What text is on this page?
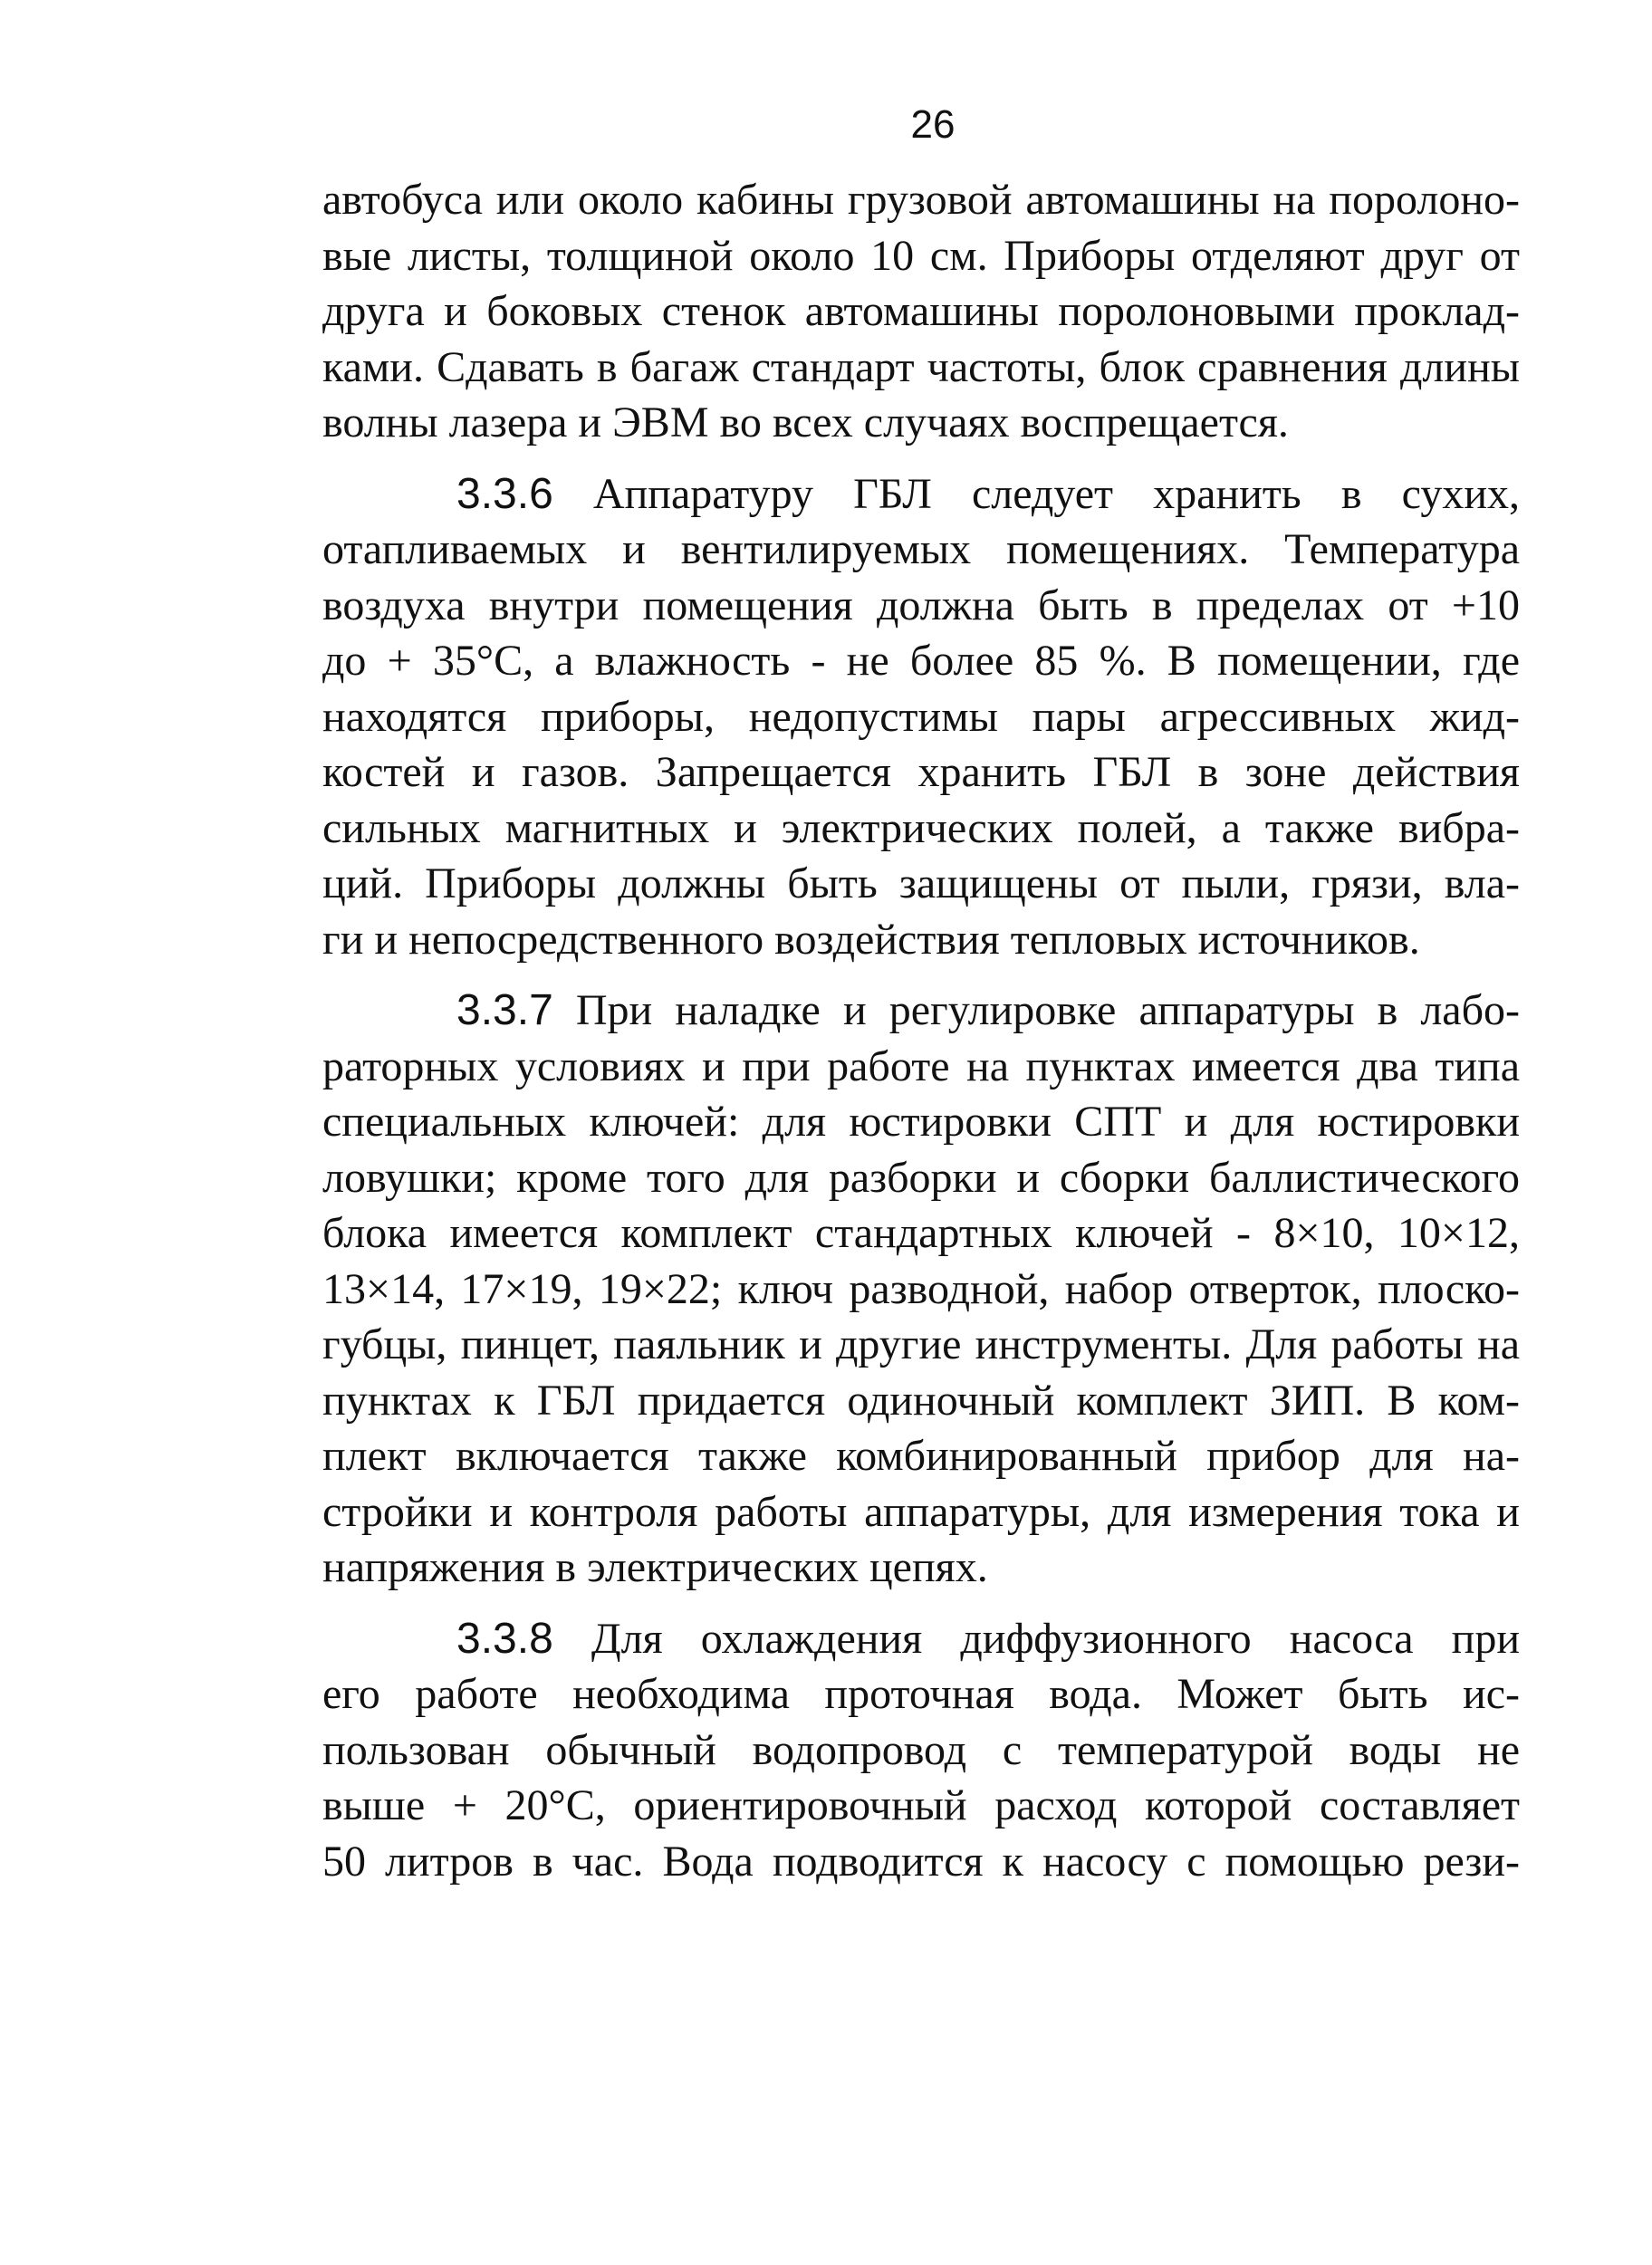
26
автобуса или около кабины грузовой автомашины на поролоно-
вые листы, толщиной около 10 см. Приборы отделяют друг от
друга и боковых стенок автомашины поролоновыми проклад-
ками. Сдавать в багаж стандарт частоты, блок сравнения длины
волны лазера и ЭВМ во всех случаях воспрещается.
3.3.6 Аппаратуру ГБЛ следует хранить в сухих,
отапливаемых и вентилируемых помещениях. Температура
воздуха внутри помещения должна быть в пределах от +10
до + 35°С, а влажность - не более 85 %. В помещении, где
находятся приборы, недопустимы пары агрессивных жид-
костей и газов. Запрещается хранить ГБЛ в зоне действия
сильных магнитных и электрических полей, а также вибра-
ций. Приборы должны быть защищены от пыли, грязи, вла-
ги и непосредственного воздействия тепловых источников.
3.3.7 При наладке и регулировке аппаратуры в лабо-
раторных условиях и при работе на пунктах имеется два типа
специальных ключей: для юстировки СПТ и для юстировки
ловушки; кроме того для разборки и сборки баллистического
блока имеется комплект стандартных ключей - 8×10, 10×12,
13×14, 17×19, 19×22; ключ разводной, набор отверток, плоско-
губцы, пинцет, паяльник и другие инструменты. Для работы на
пунктах к ГБЛ придается одиночный комплект ЗИП. В ком-
плект включается также комбинированный прибор для на-
стройки и контроля работы аппаратуры, для измерения тока и
напряжения в электрических цепях.
3.3.8 Для охлаждения диффузионного насоса при
его работе необходима проточная вода. Может быть ис-
пользован обычный водопровод с температурой воды не
выше + 20°С, ориентировочный расход которой составляет
50 литров в час. Вода подводится к насосу с помощью рези-
